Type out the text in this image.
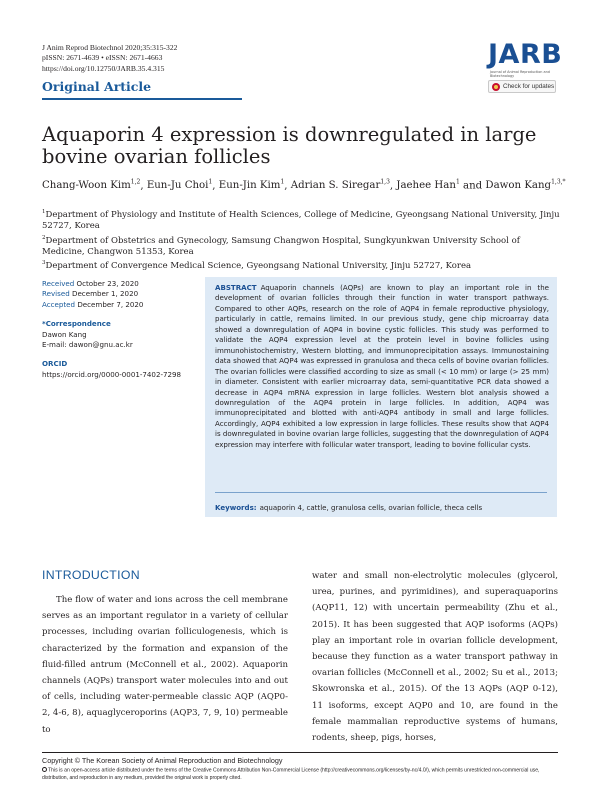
J Anim Reprod Biotechnol 2020;35:315-322
pISSN: 2671-4639 • eISSN: 2671-4663
https://doi.org/10.12750/JARB.35.4.315
Original Article
JARB
Journal of Animal Reproduction and Biotechnology
Check for updates
Aquaporin 4 expression is downregulated in large bovine ovarian follicles
Chang-Woon Kim$^{1,2}$, Eun-Ju Choi$^1$, Eun-Jin Kim$^1$, Adrian S. Siregar$^{1,3}$, Jaehee Han$^1$ and Dawon Kang$^{1,3,*}$

$^1$Department of Physiology and Institute of Health Sciences, College of Medicine, Gyeongsang National University, Jinju 52727, Korea

$^2$Department of Obstetrics and Gynecology, Samsung Changwon Hospital, Sungkyunkwan University School of Medicine, Changwon 51353, Korea

$^3$Department of Convergence Medical Science, Gyeongsang National University, Jinju 52727, Korea

Received October 23, 2020
Revised December 1, 2020
Accepted December 7, 2020
*Correspondence
Dawon Kang
E-mail: dawon@gnu.ac.kr
ORCID
https://orcid.org/0000-0001-7402-7298
ABSTRACT Aquaporin channels (AQPs) are known to play an important role in the development of ovarian follicles through their function in water transport pathways. Compared to other AQPs, research on the role of AQP4 in female reproductive physiology, particularly in cattle, remains limited. In our previous study, gene chip microarray data showed a downregulation of AQP4 in bovine cystic follicles. This study was performed to validate the AQP4 expression level at the protein level in bovine follicles using immunohistochemistry, Western blotting, and immunoprecipitation assays. Immunostaining data showed that AQP4 was expressed in granulosa and theca cells of bovine ovarian follicles. The ovarian follicles were classified according to size as small (< 10 mm) or large (> 25 mm) in diameter. Consistent with earlier microarray data, semi-quantitative PCR data showed a decrease in AQP4 mRNA expression in large follicles. Western blot analysis showed a downregulation of the AQP4 protein in large follicles. In addition, AQP4 was immunoprecipitated and blotted with anti-AQP4 antibody in small and large follicles. Accordingly, AQP4 exhibited a low expression in large follicles. These results show that AQP4 is downregulated in bovine ovarian large follicles, suggesting that the downregulation of AQP4 expression may interfere with follicular water transport, leading to bovine follicular cysts.
Keywords: aquaporin 4, cattle, granulosa cells, ovarian follicle, theca cells
INTRODUCTION
The flow of water and ions across the cell membrane serves as an important regulator in a variety of cellular processes, including ovarian folliculogenesis, which is characterized by the formation and expansion of the fluid-filled antrum (McConnell et al., 2002). Aquaporin channels (AQPs) transport water molecules into and out of cells, including water-permeable classic AQP (AQP0-2, 4-6, 8), aquaglyceroporins (AQP3, 7, 9, 10) permeable to
water and small non-electrolytic molecules (glycerol, urea, purines, and pyrimidines), and superaquaporins (AQP11, 12) with uncertain permeability (Zhu et al., 2015). It has been suggested that AQP isoforms (AQPs) play an important role in ovarian follicle development, because they function as a water transport pathway in ovarian follicles (McConnell et al., 2002; Su et al., 2013; Skowronska et al., 2015). Of the 13 AQPs (AQP 0-12), 11 isoforms, except AQP0 and 10, are found in the female mammalian reproductive systems of humans, rodents, sheep, pigs, horses,
Copyright © The Korean Society of Animal Reproduction and Biotechnology
This is an open-access article distributed under the terms of the Creative Commons Attribution Non-Commercial License (http://creativecommons.org/licenses/by-nc/4.0/), which permits unrestricted non-commercial use, distribution, and reproduction in any medium, provided the original work is properly cited.
